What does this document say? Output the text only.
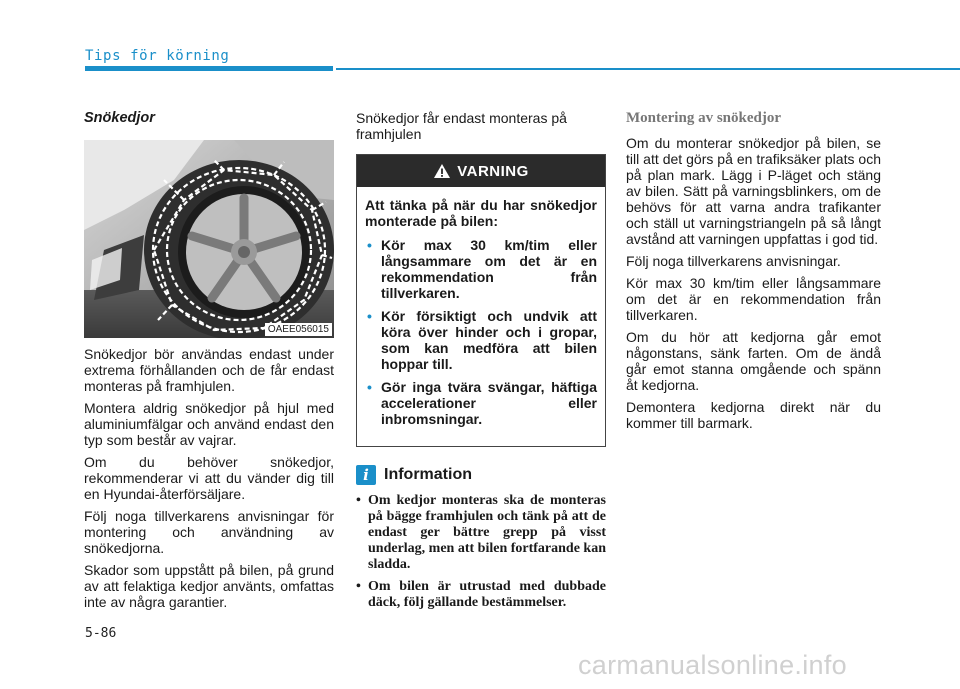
Tips för körning
Snökedjor
OAEE056015
Snökedjor bör användas endast under extrema förhållanden och de får endast monteras på framhjulen.
Montera aldrig snökedjor på hjul med aluminiumfälgar och använd endast den typ som består av vajrar.
Om du behöver snökedjor, rekommenderar vi att du vänder dig till en Hyundai-återförsäljare.
Följ noga tillverkarens anvisningar för montering och användning av snökedjorna.
Skador som uppstått på bilen, på grund av att felaktiga kedjor använts, omfattas inte av några garantier.
Snökedjor får endast monteras på framhjulen
VARNING
Att tänka på när du har snökedjor monterade på bilen:
• Kör max 30 km/tim eller långsammare om det är en rekommendation från tillverkaren.
• Kör försiktigt och undvik att köra över hinder och i gropar, som kan medföra att bilen hoppar till.
• Gör inga tvära svängar, häftiga accelerationer eller inbromsningar.
i Information
• Om kedjor monteras ska de monteras på bägge framhjulen och tänk på att de endast ger bättre grepp på visst underlag, men att bilen fortfarande kan sladda.
• Om bilen är utrustad med dubbade däck, följ gällande bestämmelser.
Montering av snökedjor
Om du monterar snökedjor på bilen, se till att det görs på en trafiksäker plats och på plan mark. Lägg i P-läget och stäng av bilen. Sätt på varningsblinkers, om de behövs för att varna andra trafikanter och ställ ut varningstriangeln på så långt avstånd att varningen uppfattas i god tid.
Följ noga tillverkarens anvisningar.
Kör max 30 km/tim eller långsammare om det är en rekommendation från tillverkaren.
Om du hör att kedjorna går emot någonstans, sänk farten. Om de ändå går emot stanna omgående och spänn åt kedjorna.
Demontera kedjorna direkt när du kommer till barmark.
5-86
carmanualsonline.info
